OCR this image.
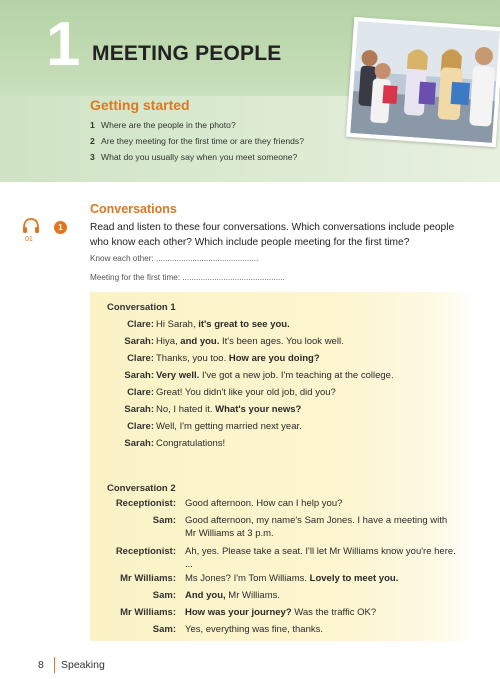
1 MEETING PEOPLE
Getting started
1 Where are the people in the photo?
2 Are they meeting for the first time or are they friends?
3 What do you usually say when you meet someone?
Conversations
01
1	Read and listen to these four conversations. Which conversations include people who know each other? Which include people meeting for the first time?
Know each other: .............................................
Meeting for the first time: .............................................
Conversation 1
Clare: Hi Sarah, it's great to see you.
Sarah: Hiya, and you. It's been ages. You look well.
Clare: Thanks, you too. How are you doing?
Sarah: Very well. I've got a new job. I'm teaching at the college.
Clare: Great! You didn't like your old job, did you?
Sarah: No, I hated it. What's your news?
Clare: Well, I'm getting married next year.
Sarah: Congratulations!
Conversation 2
Receptionist: Good afternoon. How can I help you?
Sam: Good afternoon, my name's Sam Jones. I have a meeting with
Mr Williams at 3 p.m.
Receptionist: Ah, yes. Please take a seat. I'll let Mr Williams know you're here.
...
Mr Williams: Ms Jones? I'm Tom Williams. Lovely to meet you.
Sam: And you, Mr Williams.
Mr Williams: How was your journey? Was the traffic OK?
Sam: Yes, everything was fine, thanks.
8 Speaking
